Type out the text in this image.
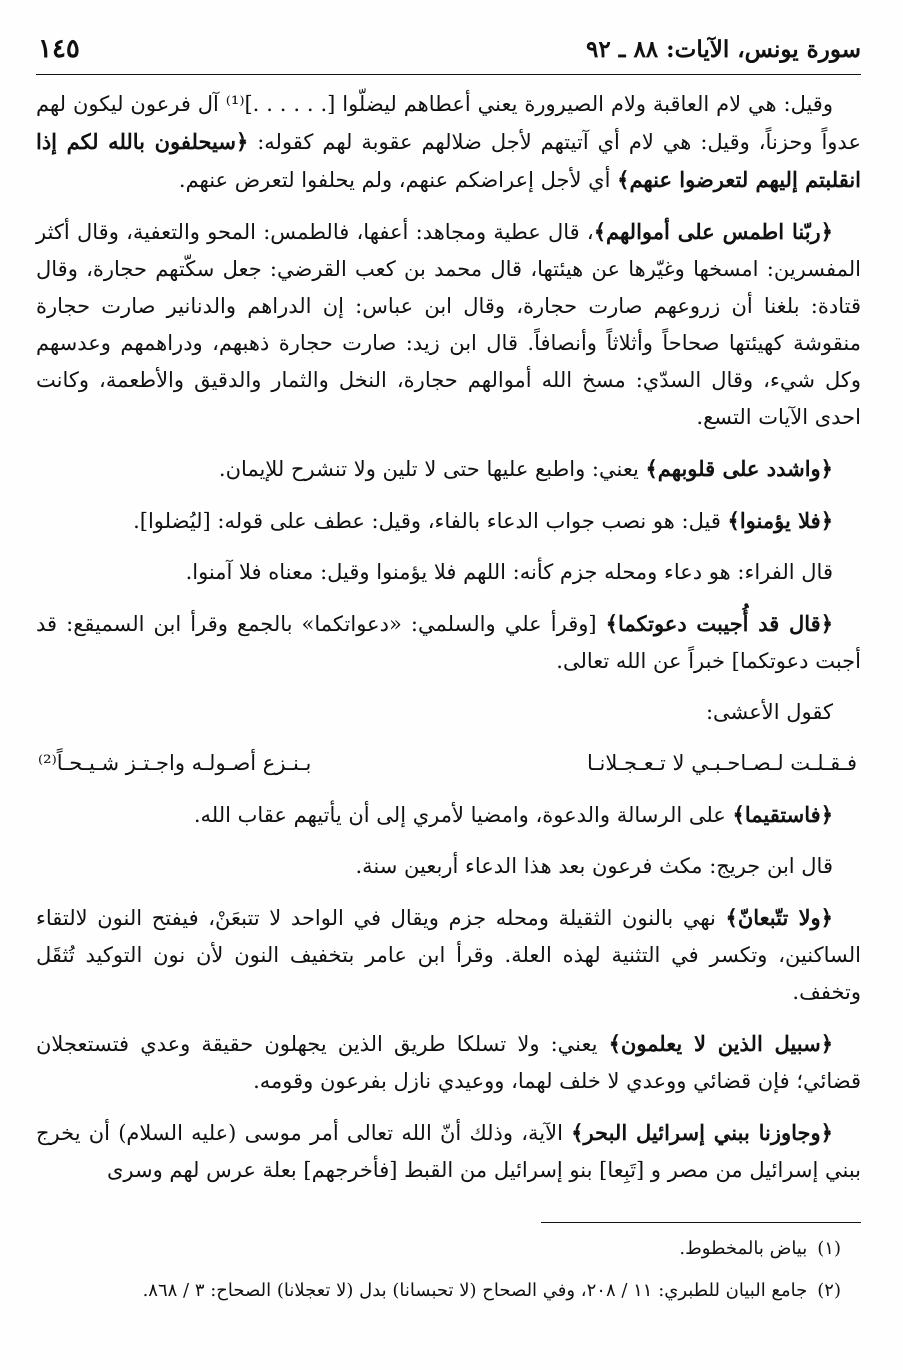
سورة يونس، الآيات: ٨٨ ـ ٩٢
١٤٥

وقيل: هي لام العاقبة ولام الصيرورة يعني أعطاهم ليضلّوا [. . . . . .]⁽¹⁾ آل فرعون ليكون لهم عدواً وحزناً، وقيل: هي لام أي آتيتهم لأجل ضلالهم عقوبة لهم كقوله: ﴿سيحلفون بالله لكم إذا انقلبتم إليهم لتعرضوا عنهم﴾ أي لأجل إعراضكم عنهم، ولم يحلفوا لتعرض عنهم.

﴿ربّنا اطمس على أموالهم﴾، قال عطية ومجاهد: أعفها، فالطمس: المحو والتعفية، وقال أكثر المفسرين: امسخها وغيّرها عن هيئتها، قال محمد بن كعب القرضي: جعل سكّتهم حجارة، وقال قتادة: بلغنا أن زروعهم صارت حجارة، وقال ابن عباس: إن الدراهم والدنانير صارت حجارة منقوشة كهيئتها صحاحاً وأثلاثاً وأنصافاً. قال ابن زيد: صارت حجارة ذهبهم، ودراهمهم وعدسهم وكل شيء، وقال السدّي: مسخ الله أموالهم حجارة، النخل والثمار والدقيق والأطعمة، وكانت احدى الآيات التسع.

﴿واشدد على قلوبهم﴾ يعني: واطبع عليها حتى لا تلين ولا تنشرح للإيمان.

﴿فلا يؤمنوا﴾ قيل: هو نصب جواب الدعاء بالفاء، وقيل: عطف على قوله: [ليُضلوا].

قال الفراء: هو دعاء ومحله جزم كأنه: اللهم فلا يؤمنوا وقيل: معناه فلا آمنوا.

﴿قال قد أُجيبت دعوتكما﴾ [وقرأ علي والسلمي: «دعواتكما» بالجمع وقرأ ابن السميقع: قد أجبت دعوتكما] خبراً عن الله تعالى.

كقول الأعشى:

فـقـلـت لـصـاحـبـي لا تـعـجـلانـا
بـنـزع أصـولـه واجـتـز شـيـحـاً⁽²⁾

﴿فاستقيما﴾ على الرسالة والدعوة، وامضيا لأمري إلى أن يأتيهم عقاب الله.

قال ابن جريج: مكث فرعون بعد هذا الدعاء أربعين سنة.

﴿ولا تتّبعانّ﴾ نهي بالنون الثقيلة ومحله جزم ويقال في الواحد لا تتبعَنْ، فيفتح النون لالتقاء الساكنين، وتكسر في التثنية لهذه العلة. وقرأ ابن عامر بتخفيف النون لأن نون التوكيد تُثقَل وتخفف.

﴿سبيل الذين لا يعلمون﴾ يعني: ولا تسلكا طريق الذين يجهلون حقيقة وعدي فتستعجلان قضائي؛ فإن قضائي ووعدي لا خلف لهما، ووعيدي نازل بفرعون وقومه.

﴿وجاوزنا ببني إسرائيل البحر﴾ الآية، وذلك أنّ الله تعالى أمر موسى (عليه السلام) أن يخرج ببني إسرائيل من مصر و [تَبِعا] بنو إسرائيل من القبط [فأخرجهم] بعلة عرس لهم وسرى

(١)بياض بالمخطوط.

(٢)جامع البيان للطبري: ١١ / ٢٠٨، وفي الصحاح (لا تحبسانا) بدل (لا تعجلانا) الصحاح: ٣ / ٨٦٨.
